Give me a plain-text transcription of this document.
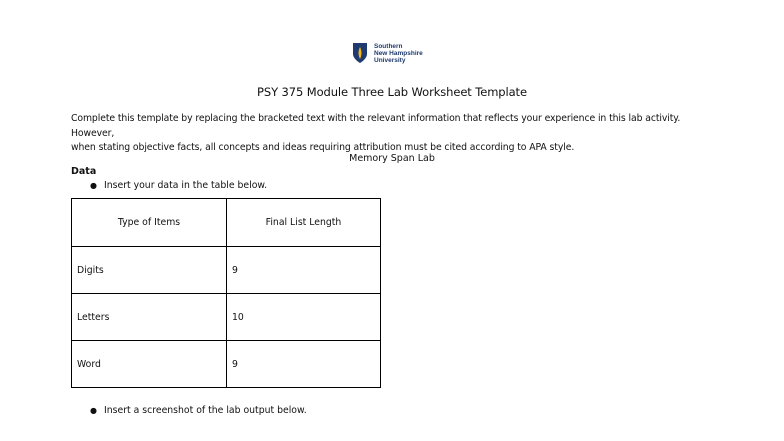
Southern
New Hampshire
University
PSY 375 Module Three Lab Worksheet Template
Complete this template by replacing the bracketed text with the relevant information that reflects your experience in this lab activity. However,
when stating objective facts, all concepts and ideas requiring attribution must be cited according to APA style.
Memory Span Lab
Data
● Insert your data in the table below.
Type of Items	Final List Length
Digits	9
Letters	10
Word	9
● Insert a screenshot of the lab output below.
